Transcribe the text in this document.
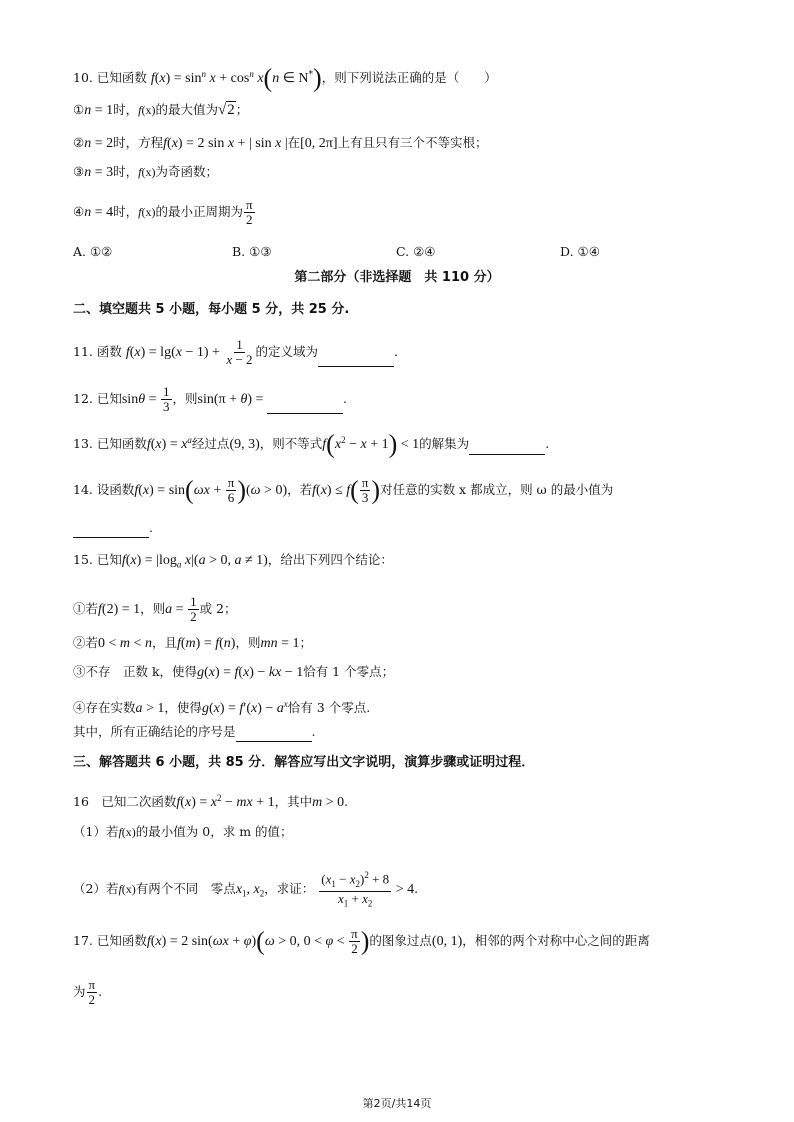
10. 已知函数 $f(x) = \sin^n x + \cos^n x(n$ ∈ N*)，则下列说法正确的是（　　）
①n = 1时，f(x)的最大值为√2；
②n = 2时，方程f(x) = 2 sin x + | sin x |在[0, 2π]上有且只有三个不等实根；
③n = 3时，f(x)为奇函数；
④n = 4时，f(x)的最小正周期为 $\frac{\pi}{2}$
A. ①②	B. ①③	C. ②④	D. ①④
第二部分（非选择题　共 110 分）
二、填空题共 5 小题，每小题 5 分，共 25 分.
11. 函数 $f(x) = \lg(x - 1) + \frac{1}{x - 2}$ 的定义域为	.
12. 已知$\sin\theta = \frac{1}{3}$ ，则sin(π + θ) =	.
13. 已知函数$f(x) = x^a$经过点(9, 3)，则不等式$f(x^2 - x + 1) < 1$的解集为	.
14. 设函数$f(x) = \sin(\omega x + \frac{\pi}{6} )(\omega > 0)$，若$f(x) \le f( \frac{\pi}{3}$ )对任意的实数 x 都成立，则 ω 的最小值为
.
15. 已知$f(x) = |\log_a$ x|(a > 0, a ≠ 1)，给出下列四个结论：
①若f(2) = 1，则$a = \frac{1}{2}$ 或 2；
②若0 < m < n，且f(m) = f(n)，则mn = 1；
③不存　正数 k，使得g(x) = f(x) − kx − 1恰有 1 个零点；
④存在实数a > 1，使得$g(x) = f'(x) - a^x$恰有 3 个零点.
其中，所有正确结论的序号是	.
三、解答题共 6 小题，共 85 分．解答应写出文字说明，演算步骤或证明过程．
16　已知二次函数$f(x) = x^2$ − mx + 1，其中m > 0.
（1）若f(x)的最小值为 0，求 m 的值；
（2）若f(x)有两个不同　零点$x_1$, $x_2$，求证： $\frac{(x_1 - x_2)^2 + 8}{x_1 + x_2} > 4$.
17. 已知函数f(x) = 2 sin(ωx + φ)(ω > 0, $0 < \varphi < \frac{\pi}{2}$ )的图象过点(0, 1)，相邻的两个对称中心之间的距离
为 $\frac{\pi}{2}$ .
第2页/共14页
